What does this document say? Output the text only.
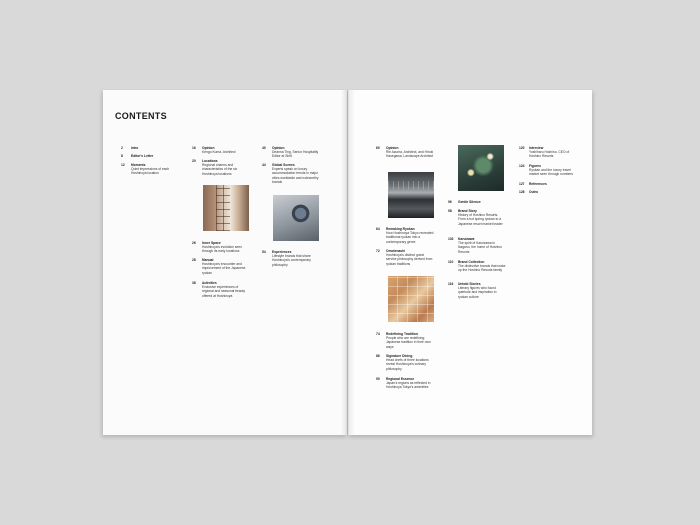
CONTENTS
2 Intro
8 Editor's Letter
12 Moments
Quiet impressions of each Hoshinoya location
16 Opinion
Kengo Kuma, Architect
20 Locations
Regional charms and characteristics of the six Hoshinoya locations
26 Inner Space
Hoshinoya's evolution seen through its early locations
28 Manual
Hoshinoya's encounter and improvement of the Japanese ryokan
38 Activities
Exclusive experiences of regional and seasonal beauty offered at Hoshinoya
40 Opinion
Deanna Ting, Senior Hospitality Editor at Skift
44 Global Scenes
Experts speak on luxury accommodation trends in major cities worldwide and noteworthy brands
54 Experiences
Lifestyle brands that share Hoshinoya's contemporary philosophy
60 Opinion
Rie Azuma, Architect, and Hiroki Hasegawa, Landscape Architect
64 Remaking Ryokan
How Hoshinoya Tokyo recreated traditional ryokan into a contemporary genre
72 Omotenashi
Hoshinoya's distinct guest service philosophy derived from ryokan traditions
74 Redefining Tradition
People who are redefining Japanese tradition in their own ways
86 Signature Dining
Head chefs of three locations reveal Hoshinoya's culinary philosophy
90 Regional Essence
Japan's regions as reflected in Hoshinoya Tokyo's amenities
96 Gentle Silence
98 Brand Story
History of Hoshino Resorts: From a hot spring ryokan to a Japanese resort market leader
102 Karuizawa
The spirit of Karuizawa in Nagano, the home of Hoshino Resorts
110 Brand Collection
The distinctive brands that make up the Hoshino Resorts family
116 Untold Stories
Literary figures who found quietude and inspiration in ryokan culture
120 Interview
Yoshiharu Hoshino, CEO of Hoshino Resorts
124 Figures
Ryokan and the luxury travel market seen through numbers
127 References
128 Outro
